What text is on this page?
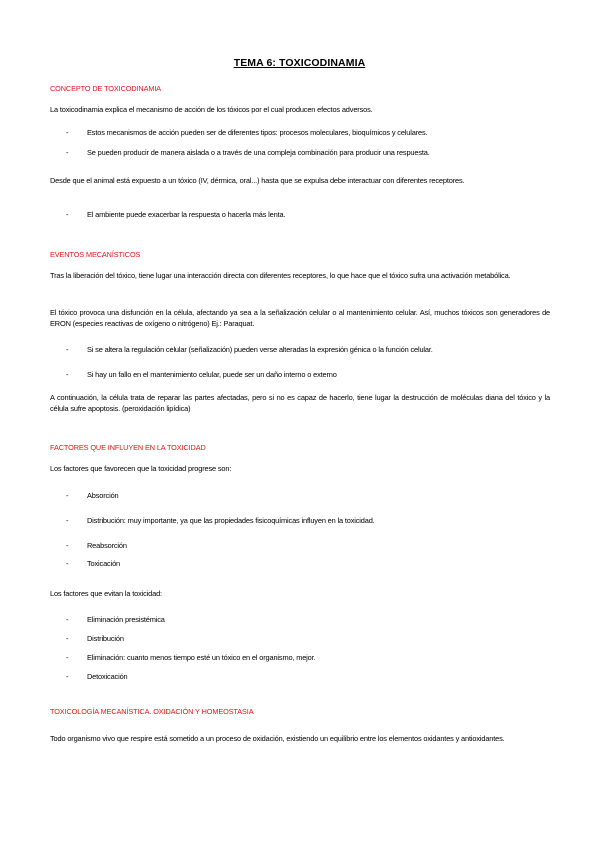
TEMA 6: TOXICODINAMIA
CONCEPTO DE TOXICODINAMIA
La toxicodinamia explica el mecanismo de acción de los tóxicos por el cual producen efectos adversos.
-	Estos mecanismos de acción pueden ser de diferentes tipos: procesos moleculares, bioquímicos y celulares.
-	Se pueden producir de manera aislada o a través de una compleja combinación para producir una respuesta.
Desde que el animal está expuesto a un tóxico (IV, dérmica, oral...) hasta que se expulsa debe interactuar con diferentes receptores.
-	El ambiente puede exacerbar la respuesta o hacerla más lenta.
EVENTOS MECANÍSTICOS
Tras la liberación del tóxico, tiene lugar una interacción directa con diferentes receptores, lo que hace que el tóxico sufra una activación metabólica.
El tóxico provoca una disfunción en la célula, afectando ya sea a la señalización celular o al mantenimiento celular. Así, muchos tóxicos son generadores de ERON (especies reactivas de oxígeno o nitrógeno) Ej.: Paraquat.
-	Si se altera la regulación celular (señalización) pueden verse alteradas la expresión génica o la función celular.
-	Si hay un fallo en el mantenimiento celular, puede ser un daño interno o externo
A continuación, la célula trata de reparar las partes afectadas, pero si no es capaz de hacerlo, tiene lugar la destrucción de moléculas diana del tóxico y la célula sufre apoptosis. (peroxidación lipídica)
FACTORES QUE INFLUYEN EN LA TOXICIDAD
Los factores que favorecen que la toxicidad progrese son:
-	Absorción
-	Distribución: muy importante, ya que las propiedades fisicoquímicas influyen en la toxicidad.
-	Reabsorción
-	Toxicación
Los factores que evitan la toxicidad:
-	Eliminación presistémica
-	Distribución
-	Eliminación: cuanto menos tiempo esté un tóxico en el organismo, mejor.
-	Detoxicación
TOXICOLOGÍA MECANÍSTICA. OXIDACIÓN Y HOMEOSTASIA
Todo organismo vivo que respire está sometido a un proceso de oxidación, existiendo un equilibrio entre los elementos oxidantes y antioxidantes.
